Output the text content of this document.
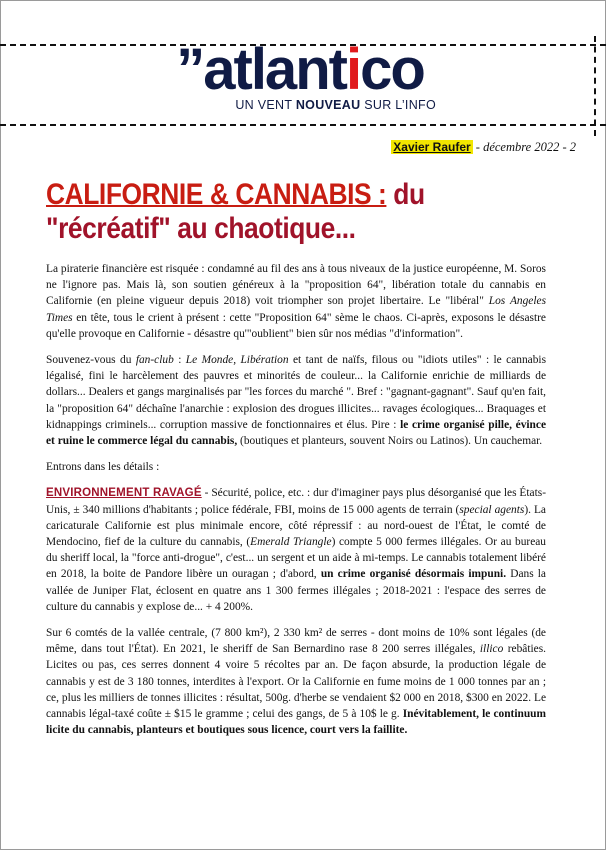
”atlantico
UN VENT NOUVEAU SUR L’INFO
Xavier Raufer - décembre 2022 - 2
CALIFORNIE & CANNABIS : du
"récréatif" au chaotique...

La piraterie financière est risquée : condamné au fil des ans à tous niveaux de la justice européenne, M. Soros ne l'ignore pas. Mais là, son soutien généreux à la "proposition 64", libération totale du cannabis en Californie (en pleine vigueur depuis 2018) voit triompher son projet libertaire. Le "libéral" Los Angeles Times en tête, tous le crient à présent : cette "Proposition 64" sème le chaos. Ci-après, exposons le désastre qu'elle provoque en Californie - désastre qu'"oublient" bien sûr nos médias "d'information".

Souvenez-vous du fan-club : Le Monde, Libération et tant de naïfs, filous ou "idiots utiles" : le cannabis légalisé, fini le harcèlement des pauvres et minorités de couleur... la Californie enrichie de milliards de dollars... Dealers et gangs marginalisés par "les forces du marché ". Bref : "gagnant-gagnant". Sauf qu'en fait, la "proposition 64" déchaîne l'anarchie : explosion des drogues illicites... ravages écologiques... Braquages et kidnappings criminels... corruption massive de fonctionnaires et élus. Pire : le crime organisé pille, évince et ruine le commerce légal du cannabis, (boutiques et planteurs, souvent Noirs ou Latinos). Un cauchemar.

Entrons dans les détails :

ENVIRONNEMENT RAVAGÉ - Sécurité, police, etc. : dur d'imaginer pays plus désorganisé que les États-Unis, ± 340 millions d'habitants ; police fédérale, FBI, moins de 15 000 agents de terrain (special agents). La caricaturale Californie est plus minimale encore, côté répressif : au nord-ouest de l'État, le comté de Mendocino, fief de la culture du cannabis, (Emerald Triangle) compte 5 000 fermes illégales. Or au bureau du sheriff local, la "force anti-drogue", c'est... un sergent et un aide à mi-temps. Le cannabis totalement libéré en 2018, la boite de Pandore libère un ouragan ; d'abord, un crime organisé désormais impuni. Dans la vallée de Juniper Flat, éclosent en quatre ans 1 300 fermes illégales ; 2018-2021 : l'espace des serres de culture du cannabis y explose de... + 4 200%.

Sur 6 comtés de la vallée centrale, (7 800 km²), 2 330 km² de serres - dont moins de 10% sont légales (de même, dans tout l'État). En 2021, le sheriff de San Bernardino rase 8 200 serres illégales, illico rebâties. Licites ou pas, ces serres donnent 4 voire 5 récoltes par an. De façon absurde, la production légale de cannabis y est de 3 180 tonnes, interdites à l'export. Or la Californie en fume moins de 1 000 tonnes par an ; ce, plus les milliers de tonnes illicites : résultat, 500g. d'herbe se vendaient $2 000 en 2018, $300 en 2022. Le cannabis légal-taxé coûte ± $15 le gramme ; celui des gangs, de 5 à 10$ le g. Inévitablement, le continuum licite du cannabis, planteurs et boutiques sous licence, court vers la faillite.
